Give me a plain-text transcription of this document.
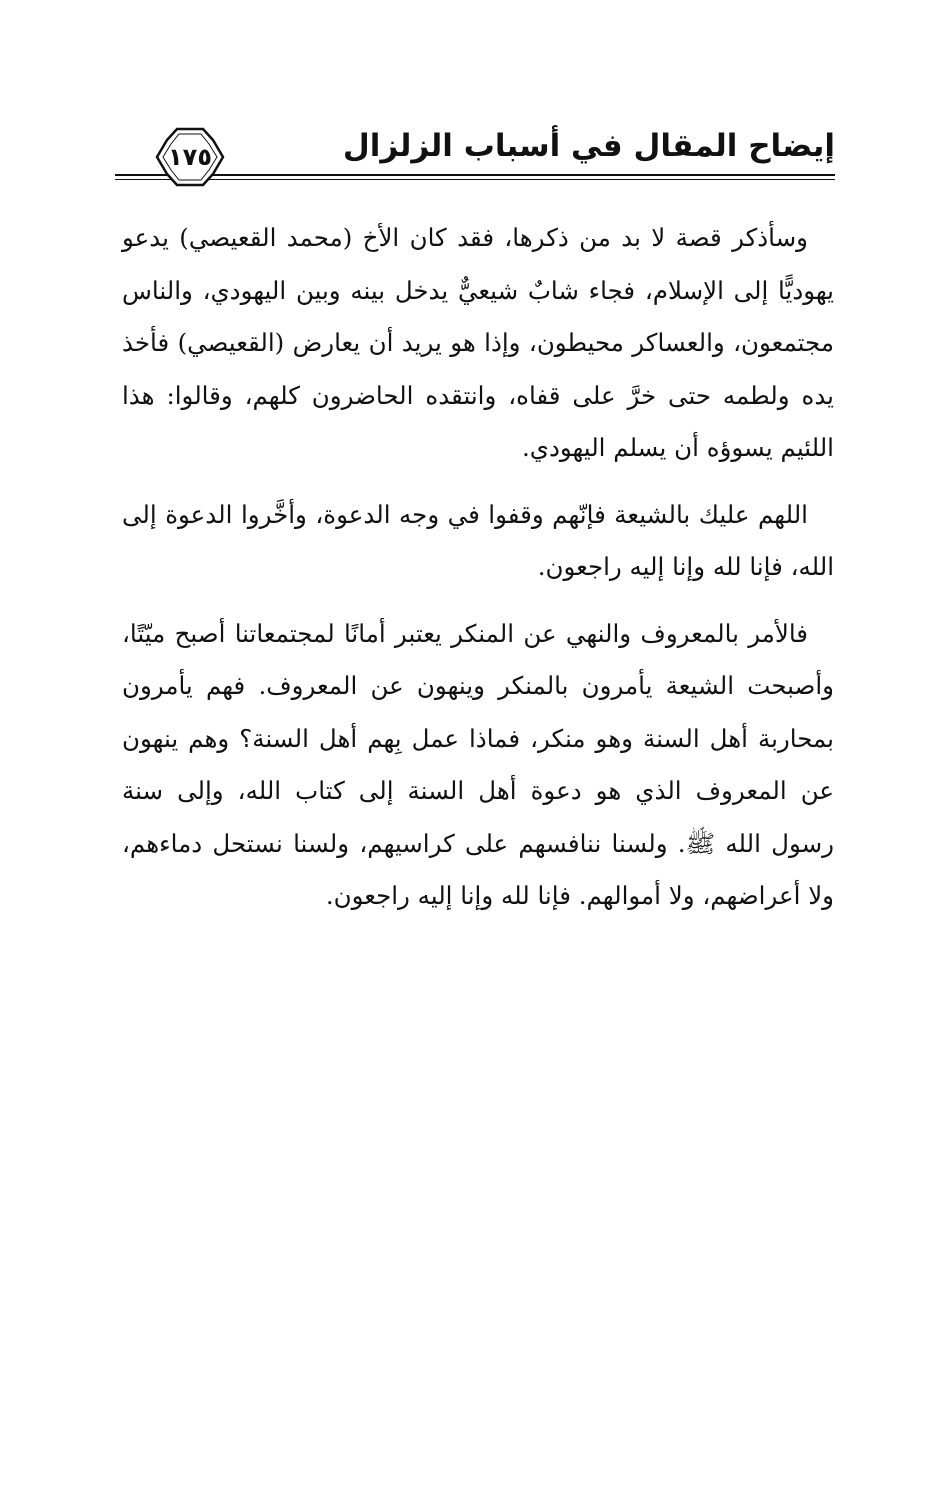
إيضاح المقال في أسباب الزلزال
١٧٥

وسأذكر قصة لا بد من ذكرها، فقد كان الأخ (محمد القعيصي) يدعو يهوديًّا إلى الإسلام، فجاء شابٌ شيعيٌّ يدخل بينه وبين اليهودي، والناس مجتمعون، والعساكر محيطون، وإذا هو يريد أن يعارض (القعيصي) فأخذ يده ولطمه حتى خرَّ على قفاه، وانتقده الحاضرون كلهم، وقالوا: هذا اللئيم يسوؤه أن يسلم اليهودي.

اللهم عليك بالشيعة فإنّهم وقفوا في وجه الدعوة، وأخَّروا الدعوة إلى الله، فإنا لله وإنا إليه راجعون.

فالأمر بالمعروف والنهي عن المنكر يعتبر أمانًا لمجتمعاتنا أصبح ميّتًا، وأصبحت الشيعة يأمرون بالمنكر وينهون عن المعروف. فهم يأمرون بمحاربة أهل السنة وهو منكر، فماذا عمل بِهم أهل السنة؟ وهم ينهون عن المعروف الذي هو دعوة أهل السنة إلى كتاب الله، وإلى سنة رسول الله ﷺ. ولسنا ننافسهم على كراسيهم، ولسنا نستحل دماءهم، ولا أعراضهم، ولا أموالهم. فإنا لله وإنا إليه راجعون.
